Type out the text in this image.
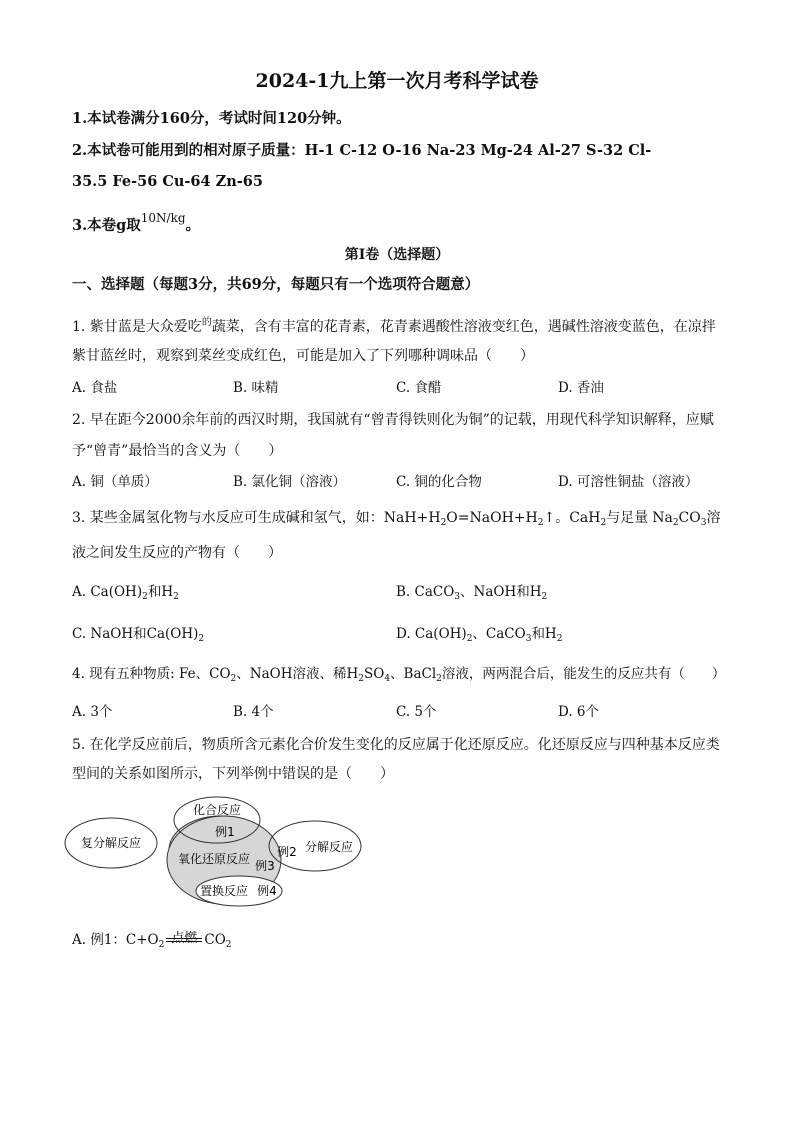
2024-1九上第一次月考科学试卷
1.本试卷满分160分，考试时间120分钟。
2.本试卷可能用到的相对原子质量：H-1 C-12 O-16 Na-23 Mg-24 Al-27 S-32 Cl-
35.5 Fe-56 Cu-64 Zn-65
3.本卷g取$^{10N/kg}$。
第Ⅰ卷（选择题）
一、选择题（每题3分，共69分，每题只有一个选项符合题意）
1. 紫甘蓝是大众爱吃$^的$蔬菜，含有丰富的花青素，花青素遇酸性溶液变红色，遇碱性溶液变蓝色，在凉拌
紫甘蓝丝时，观察到菜丝变成红色，可能是加入了下列哪种调味品（　　）
A. 食盐	B. 味精	C. 食醋	D. 香油
2. 早在距今2000余年前的西汉时期，我国就有“曾青得铁则化为铜”的记载，用现代科学知识解释，应赋
予“曾青”最恰当的含义为（　　）
A. 铜（单质）	B. 氯化铜（溶液）	C. 铜的化合物	D. 可溶性铜盐（溶液）
3. 某些金属氢化物与水反应可生成碱和氢气，如：$NaH+H_2O=NaOH+H_2↑$。CaH$_2$与足量 $Na_2CO_3$溶
液之间发生反应的产物有（　　）
A. $Ca(OH)_2$和$H_2$	B. CaCO$_3$、NaOH和$H_2$
C. NaOH和$Ca(OH)_2$	D. $Ca(OH)_2$、CaCO$_3$和$H_2$
4. 现有五种物质: Fe、$CO_2$、NaOH溶液、稀$H_2SO_4$、BaCl$_2$溶液，两两混合后，能发生的反应共有（　　）
A. 3个	B. 4个	C. 5个	D. 6个
5. 在化学反应前后，物质所含元素化合价发生变化的反应属于化还原反应。化还原反应与四种基本反应类
型间的关系如图所示，下列举例中错误的是（　　）
化合反应
例1
复分解反应
例2 分解反应
氧化还原反应 例3
置换反应 例4
A. 例1：$C+O_2$ 点燃 $CO_2$
